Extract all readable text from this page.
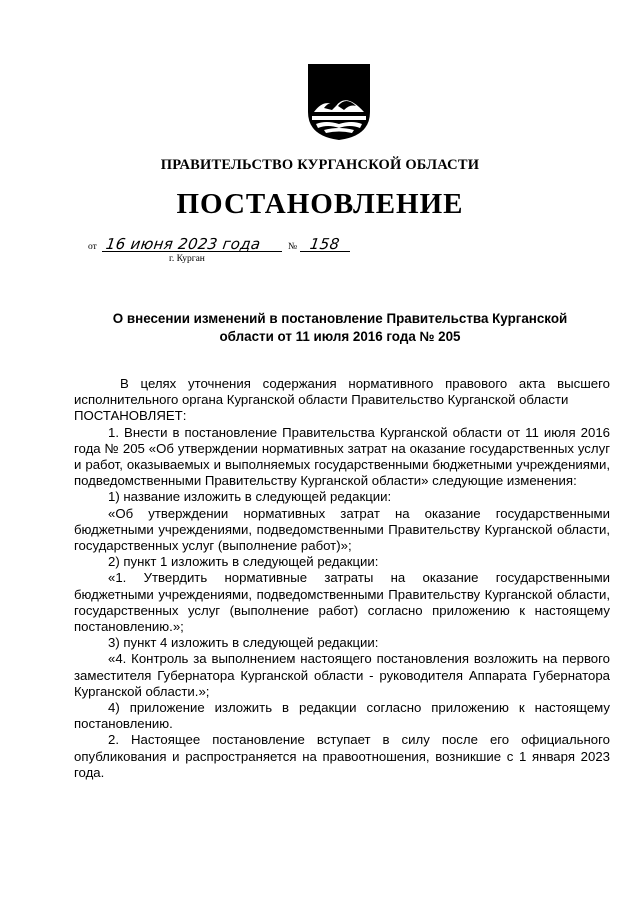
ПРАВИТЕЛЬСТВО КУРГАНСКОЙ ОБЛАСТИ
ПОСТАНОВЛЕНИЕ
от 16 июня 2023 года	№ 158
г. Курган
О внесении изменений в постановление Правительства Курганской
области от 11 июля 2016 года № 205

В целях уточнения содержания нормативного правового акта высшего исполнительного органа Курганской области Правительство Курганской области

ПОСТАНОВЛЯЕТ:

1. Внести в постановление Правительства Курганской области от 11 июля 2016 года № 205 «Об утверждении нормативных затрат на оказание государственных услуг и работ, оказываемых и выполняемых государственными бюджетными учреждениями, подведомственными Правительству Курганской области» следующие изменения:

1) название изложить в следующей редакции:

«Об утверждении нормативных затрат на оказание государственными бюджетными учреждениями, подведомственными Правительству Курганской области, государственных услуг (выполнение работ)»;

2) пункт 1 изложить в следующей редакции:

«1. Утвердить нормативные затраты на оказание государственными бюджетными учреждениями, подведомственными Правительству Курганской области, государственных услуг (выполнение работ) согласно приложению к настоящему постановлению.»;

3) пункт 4 изложить в следующей редакции:

«4. Контроль за выполнением настоящего постановления возложить на первого заместителя Губернатора Курганской области - руководителя Аппарата Губернатора Курганской области.»;

4) приложение изложить в редакции согласно приложению к настоящему постановлению.

2. Настоящее постановление вступает в силу после его официального опубликования и распространяется на правоотношения, возникшие с 1 января 2023 года.
